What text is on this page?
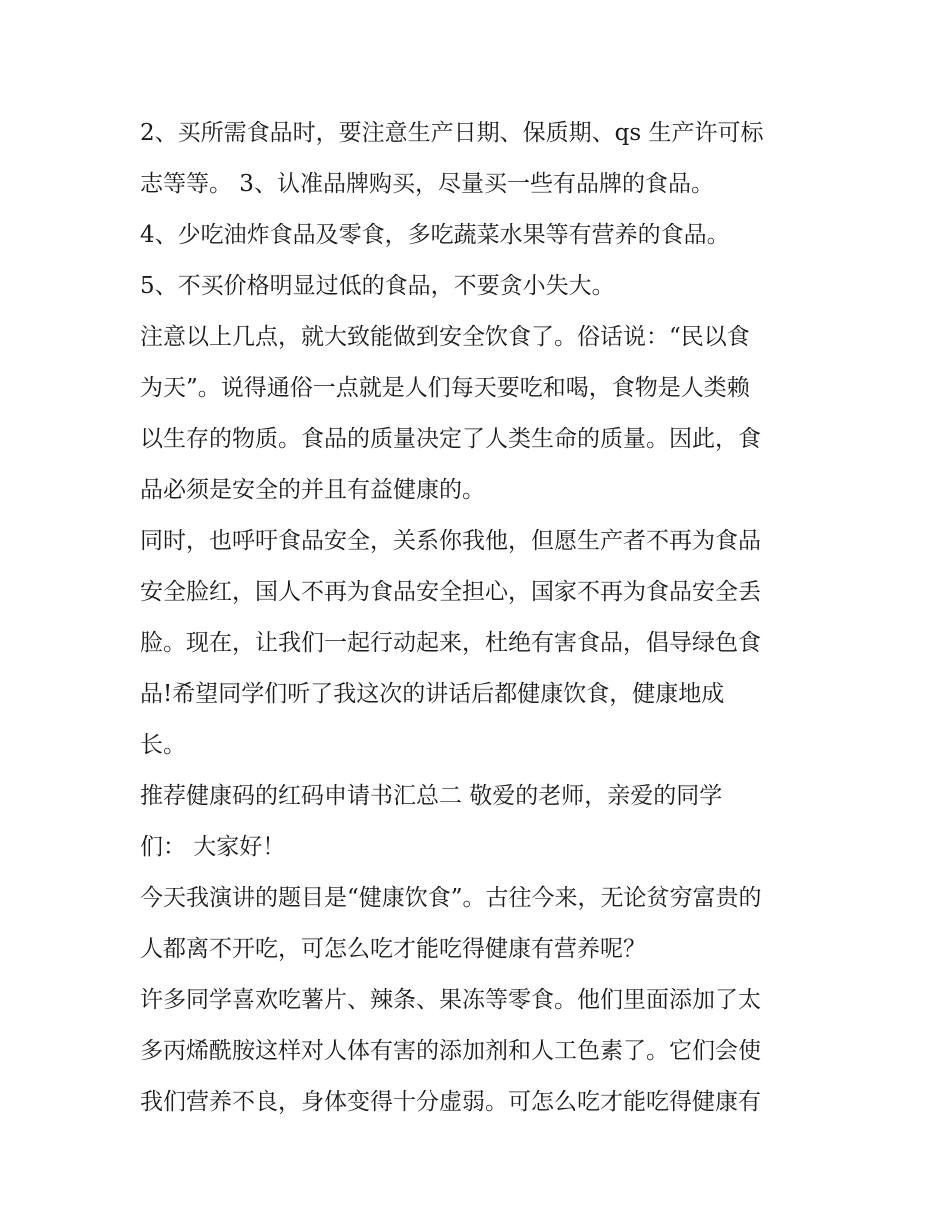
2、买所需食品时，要注意生产日期、保质期、qs 生产许可标
志等等。 3、认准品牌购买，尽量买一些有品牌的食品。
4、少吃油炸食品及零食，多吃蔬菜水果等有营养的食品。
5、不买价格明显过低的食品，不要贪小失大。
注意以上几点，就大致能做到安全饮食了。俗话说：“民以食
为天”。说得通俗一点就是人们每天要吃和喝，食物是人类赖
以生存的物质。食品的质量决定了人类生命的质量。因此，食
品必须是安全的并且有益健康的。
同时，也呼吁食品安全，关系你我他，但愿生产者不再为食品
安全脸红，国人不再为食品安全担心，国家不再为食品安全丢
脸。现在，让我们一起行动起来，杜绝有害食品，倡导绿色食
品!希望同学们听了我这次的讲话后都健康饮食，健康地成
长。
推荐健康码的红码申请书汇总二 敬爱的老师，亲爱的同学
们： 大家好！
今天我演讲的题目是“健康饮食”。古往今来，无论贫穷富贵的
人都离不开吃，可怎么吃才能吃得健康有营养呢？
许多同学喜欢吃薯片、辣条、果冻等零食。他们里面添加了太
多丙烯酰胺这样对人体有害的添加剂和人工色素了。它们会使
我们营养不良，身体变得十分虚弱。可怎么吃才能吃得健康有
